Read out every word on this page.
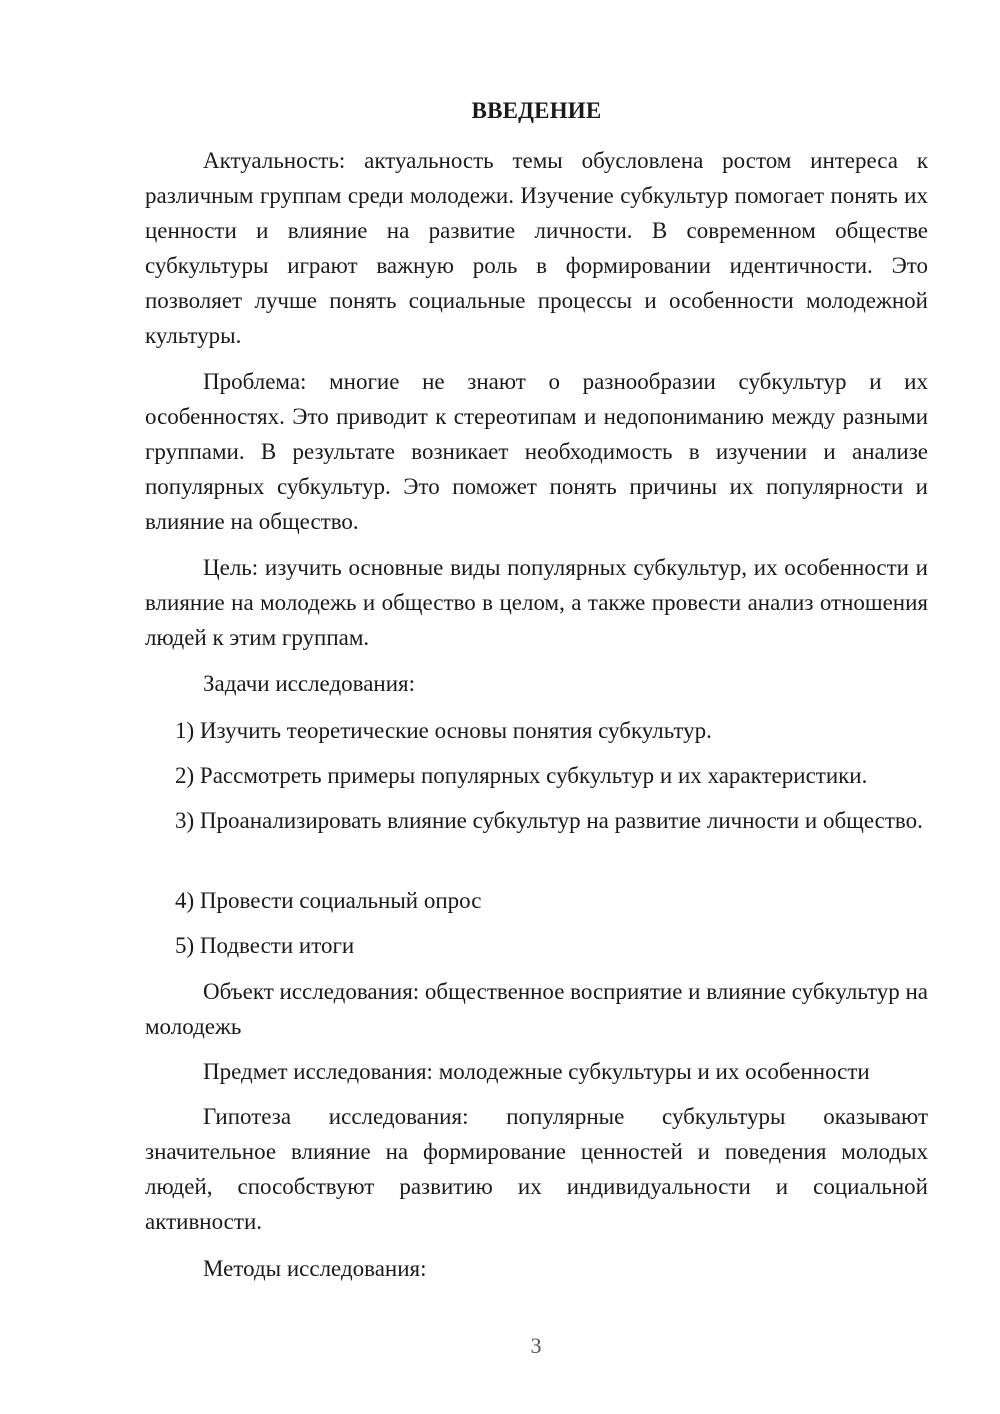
ВВЕДЕНИЕ

Актуальность: актуальность темы обусловлена ростом интереса к различным группам среди молодежи. Изучение субкультур помогает понять их ценности и влияние на развитие личности. В современном обществе субкультуры играют важную роль в формировании идентичности. Это позволяет лучше понять социальные процессы и особенности молодежной культуры.

Проблема: многие не знают о разнообразии субкультур и их особенностях. Это приводит к стереотипам и недопониманию между разными группами. В результате возникает необходимость в изучении и анализе популярных субкультур. Это поможет понять причины их популярности и влияние на общество.

Цель: изучить основные виды популярных субкультур, их особенности и влияние на молодежь и общество в целом, а также провести анализ отношения людей к этим группам.

Задачи исследования:

1) Изучить теоретические основы понятия субкультур.

2) Рассмотреть примеры популярных субкультур и их характеристики.

3) Проанализировать влияние субкультур на развитие личности и общество.

4) Провести социальный опрос

5) Подвести итоги

Объект исследования: общественное восприятие и влияние субкультур на молодежь

Предмет исследования: молодежные субкультуры и их особенности

Гипотеза исследования: популярные субкультуры оказывают значительное влияние на формирование ценностей и поведения молодых людей, способствуют развитию их индивидуальности и социальной активности.

Методы исследования:

3
